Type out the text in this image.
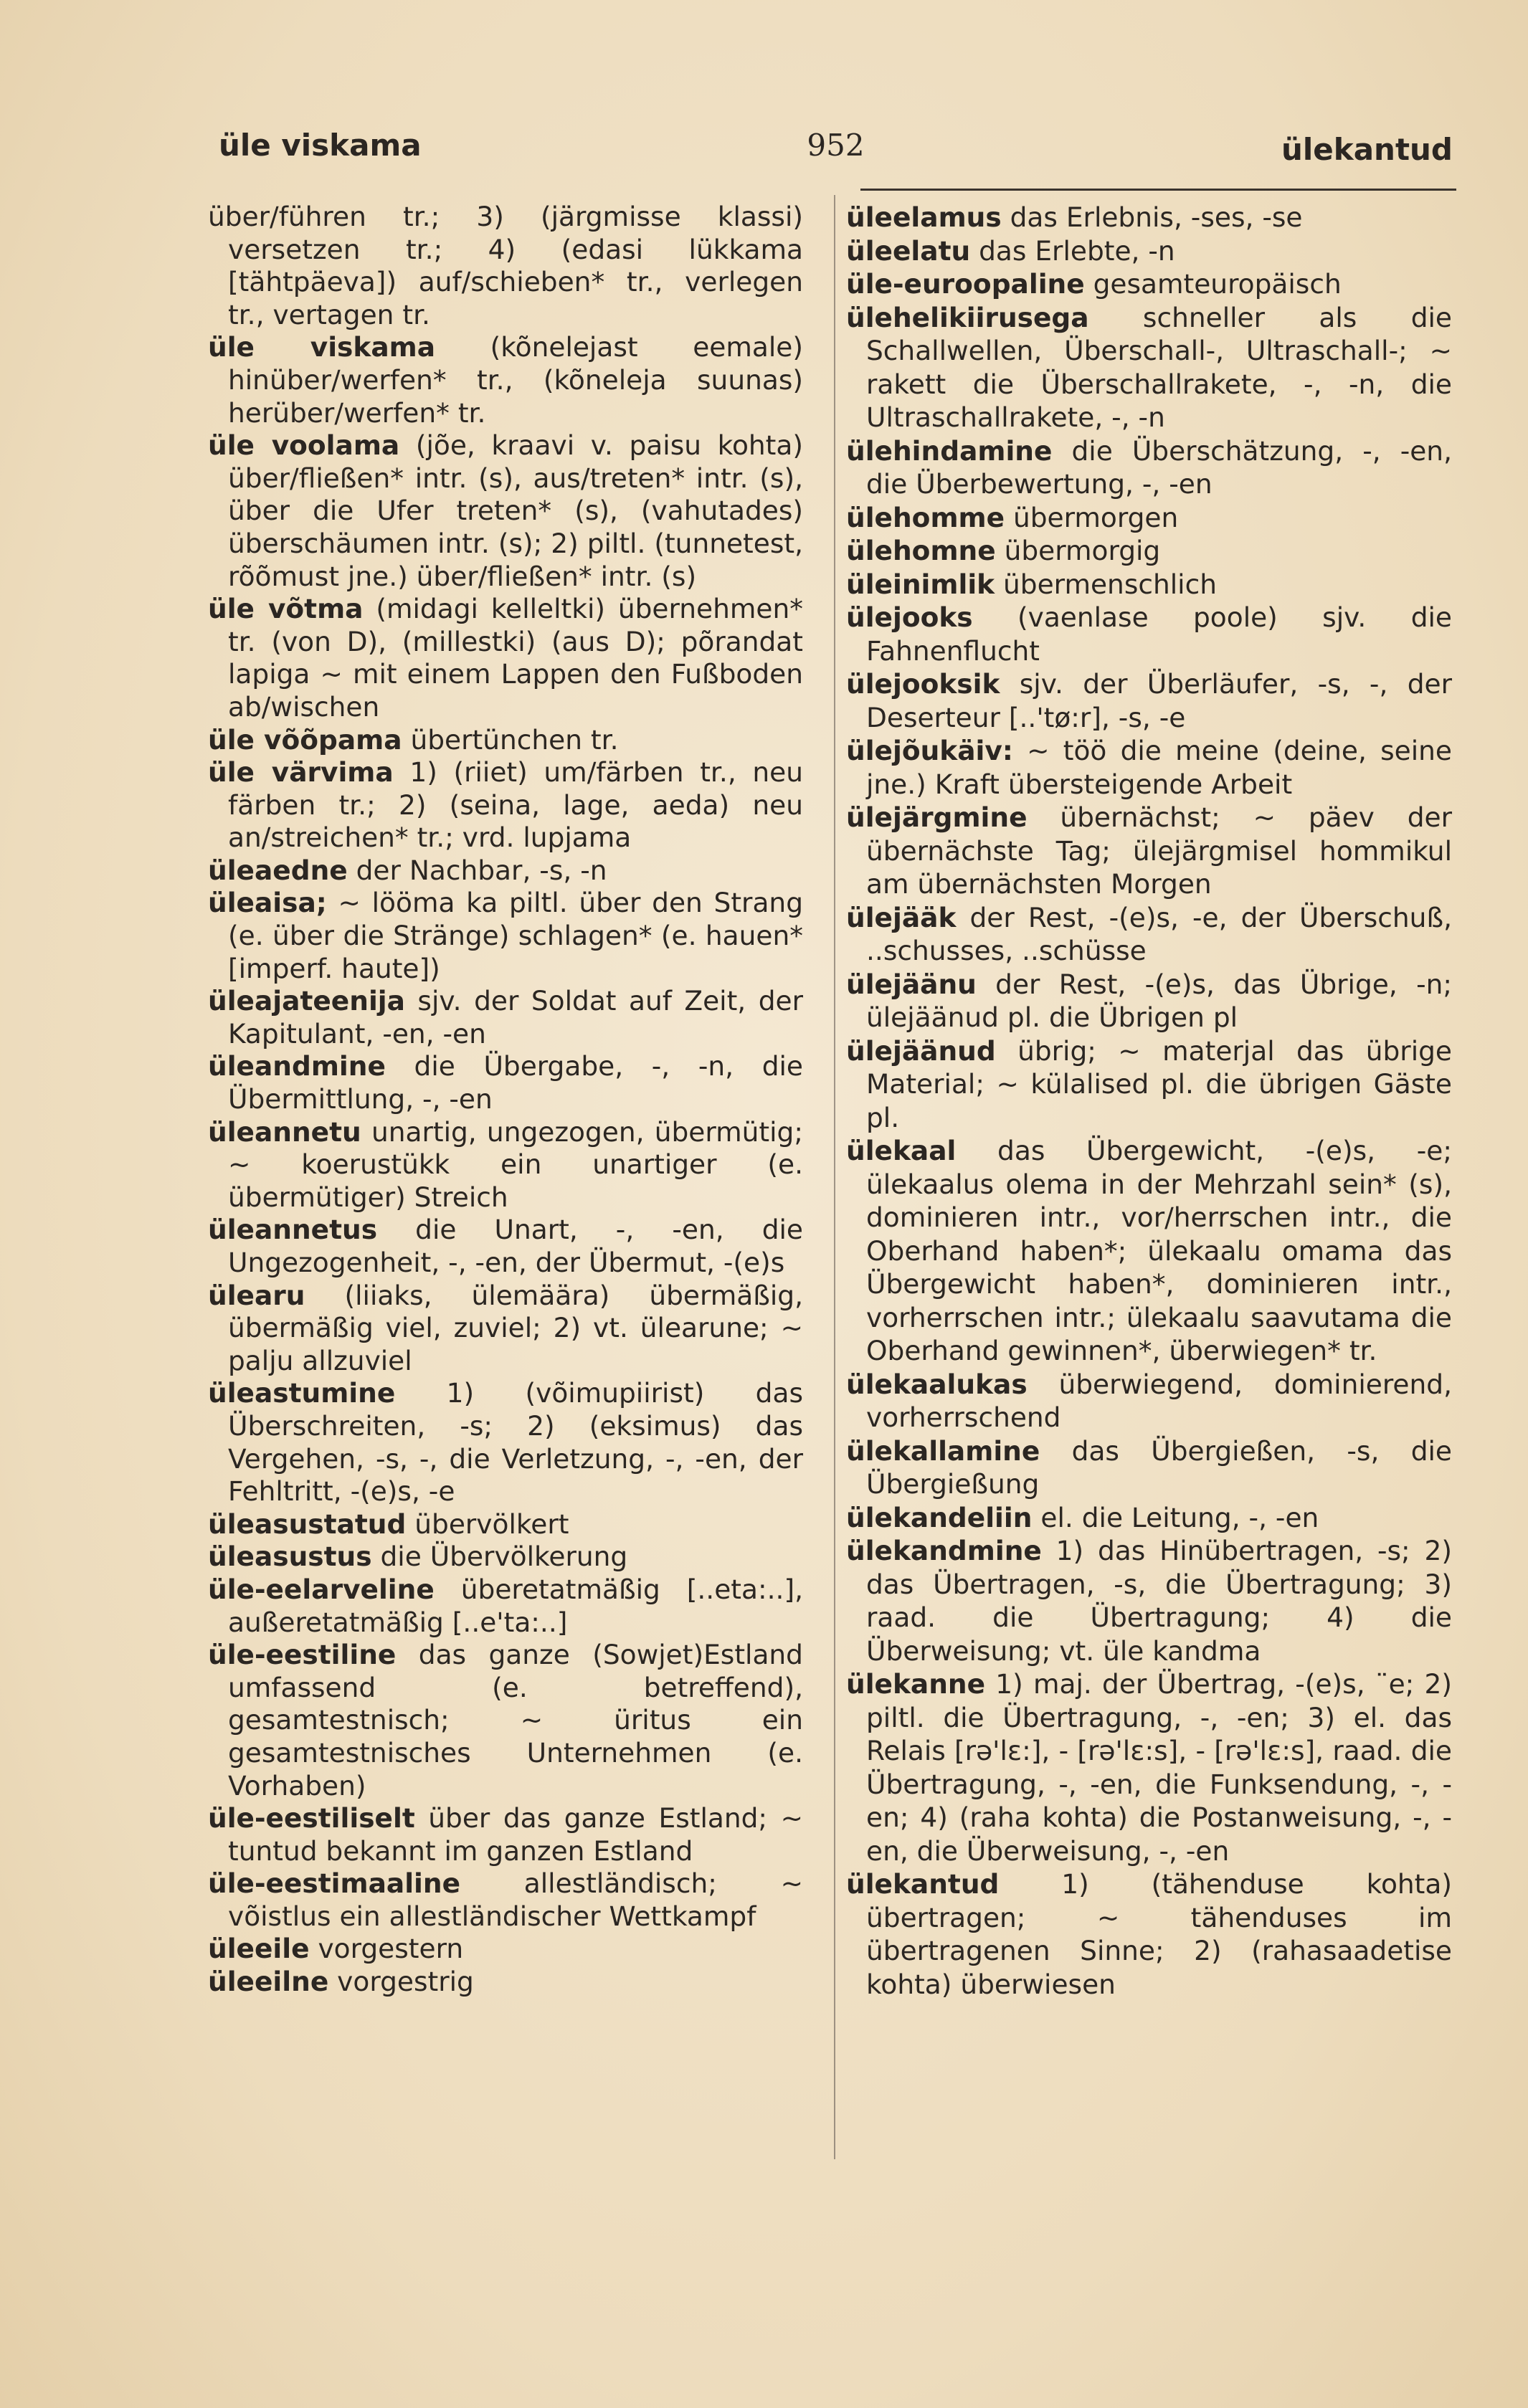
üle viskama	952	ülekantud

über/führen tr.; 3) (järgmisse klassi) versetzen tr.; 4) (edasi lükkama [tähtpäeva]) auf/schieben* tr., verlegen tr., vertagen tr.

üle viskama (kõnelejast eemale) hinüber/werfen* tr., (kõneleja suunas) herüber/werfen* tr.

üle voolama (jõe, kraavi v. paisu kohta) über/fließen* intr. (s), aus/treten* intr. (s), über die Ufer treten* (s), (vahutades) überschäumen intr. (s); 2) piltl. (tunnetest, rõõmust jne.) über/fließen* intr. (s)

üle võtma (midagi kelleltki) übernehmen* tr. (von D), (millestki) (aus D); põrandat lapiga ~ mit einem Lappen den Fußboden ab/wischen

üle võõpama übertünchen tr.

üle värvima 1) (riiet) um/färben tr., neu färben tr.; 2) (seina, lage, aeda) neu an/streichen* tr.; vrd. lupjama

üleaedne der Nachbar, -s, -n

üleaisa; ~ lööma ka piltl. über den Strang (e. über die Stränge) schlagen* (e. hauen* [imperf. haute])

üleajateenija sjv. der Soldat auf Zeit, der Kapitulant, -en, -en

üleandmine die Übergabe, -, -n, die Übermittlung, -, -en

üleannetu unartig, ungezogen, übermütig; ~ koerustükk ein unartiger (e. übermütiger) Streich

üleannetus die Unart, -, -en, die Ungezogenheit, -, -en, der Übermut, -(e)s

ülearu (liiaks, ülemäära) übermäßig, übermäßig viel, zuviel; 2) vt. ülearune; ~ palju allzuviel

üleastumine 1) (võimupiirist) das Überschreiten, -s; 2) (eksimus) das Vergehen, -s, -, die Verletzung, -, -en, der Fehltritt, -(e)s, -e

üleasustatud übervölkert

üleasustus die Übervölkerung

üle-eelarveline überetatmäßig [..eta:..], außeretatmäßig [..e'ta:..]

üle-eestiline das ganze (Sowjet)Estland umfassend (e. betreffend), gesamtestnisch; ~ üritus ein gesamtestnisches Unternehmen (e. Vorhaben)

üle-eestiliselt über das ganze Estland; ~ tuntud bekannt im ganzen Estland

üle-eestimaaline allestländisch; ~ võistlus ein allestländischer Wettkampf

üleeile vorgestern

üleeilne vorgestrig

üleelamus das Erlebnis, -ses, -se

üleelatu das Erlebte, -n

üle-euroopaline gesamteuropäisch

ülehelikiirusega schneller als die Schallwellen, Überschall-, Ultraschall-; ~ rakett die Überschallrakete, -, -n, die Ultraschallrakete, -, -n

ülehindamine die Überschätzung, -, -en, die Überbewertung, -, -en

ülehomme übermorgen

ülehomne übermorgig

üleinimlik übermenschlich

ülejooks (vaenlase poole) sjv. die Fahnenflucht

ülejooksik sjv. der Überläufer, -s, -, der Deserteur [..'tø:r], -s, -e

ülejõukäiv: ~ töö die meine (deine, seine jne.) Kraft übersteigende Arbeit

ülejärgmine übernächst; ~ päev der übernächste Tag; ülejärgmisel hommikul am übernächsten Morgen

ülejääk der Rest, -(e)s, -e, der Überschuß, ..schusses, ..schüsse

ülejäänu der Rest, -(e)s, das Übrige, -n; ülejäänud pl. die Übrigen pl

ülejäänud übrig; ~ materjal das übrige Material; ~ külalised pl. die übrigen Gäste pl.

ülekaal das Übergewicht, -(e)s, -e; ülekaalus olema in der Mehrzahl sein* (s), dominieren intr., vor/herrschen intr., die Oberhand haben*; ülekaalu omama das Übergewicht haben*, dominieren intr., vorherrschen intr.; ülekaalu saavutama die Oberhand gewinnen*, überwiegen* tr.

ülekaalukas überwiegend, dominierend, vorherrschend

ülekallamine das Übergießen, -s, die Übergießung

ülekandeliin el. die Leitung, -, -en

ülekandmine 1) das Hinübertragen, -s; 2) das Übertragen, -s, die Übertragung; 3) raad. die Übertragung; 4) die Überweisung; vt. üle kandma

ülekanne 1) maj. der Übertrag, -(e)s, ¨e; 2) piltl. die Übertragung, -, -en; 3) el. das Relais [rə'lɛ:], - [rə'lɛ:s], - [rə'lɛ:s], raad. die Übertragung, -, -en, die Funksendung, -, -en; 4) (raha kohta) die Postanweisung, -, -en, die Überweisung, -, -en

ülekantud 1) (tähenduse kohta) übertragen; ~ tähenduses im übertragenen Sinne; 2) (rahasaadetise kohta) überwiesen
